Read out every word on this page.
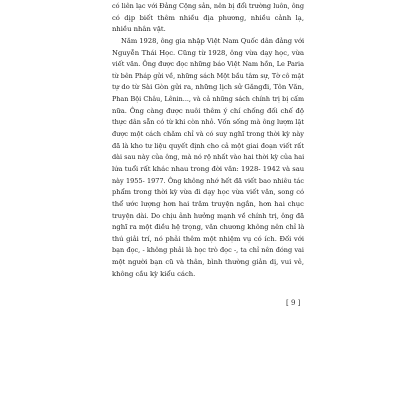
có liên lạc với Đảng Cộng sản, nên bị đổi trường luôn, ông
có dịp biết thêm nhiều địa phương, nhiều cảnh lạ,
nhiều nhân vật.
Năm 1928, ông gia nhập Việt Nam Quốc dân đảng với
Nguyễn Thái Học. Cũng từ 1928, ông vừa dạy học, vừa
viết văn. Ông được đọc những báo Việt Nam hồn, Le Paria
từ bên Pháp gửi về, những sách Một bầu tâm sự, Tờ cô mặt
tự do từ Sài Gòn gửi ra, những lịch sử Găngđi, Tôn Văn,
Phan Bội Châu, Lênin..., và cả những sách chính trị bị cấm
nữa. Ông càng được nuôi thêm ý chí chống đối chế độ
thực dân sẵn có từ khi còn nhỏ. Vốn sống mà ông lượm lặt
được một cách chăm chỉ và có suy nghĩ trong thời kỳ này
đã là kho tư liệu quyết định cho cả một giai đoạn viết rất
dài sau này của ông, mà nó rộ nhất vào hai thời kỳ của hai
lứa tuổi rất khác nhau trong đời văn: 1928- 1942 và sau
này 1955- 1977. Ông không nhớ hết đã viết bao nhiêu tác
phẩm trong thời kỳ vừa đi dạy học vừa viết văn, song có
thể ước lượng hơn hai trăm truyện ngắn, hơn hai chục
truyện dài. Do chịu ảnh hưởng mạnh về chính trị, ông đã
nghĩ ra một điều hệ trọng, văn chương không nên chỉ là
thú giải trí, nó phải thêm một nhiệm vụ có ích. Đối với
bạn đọc, - không phải là học trò đọc -, ta chỉ nên đóng vai
một người bạn cũ và thân, bình thường giản dị, vui vẻ,
không cầu kỳ kiểu cách.
[ 9 ]
